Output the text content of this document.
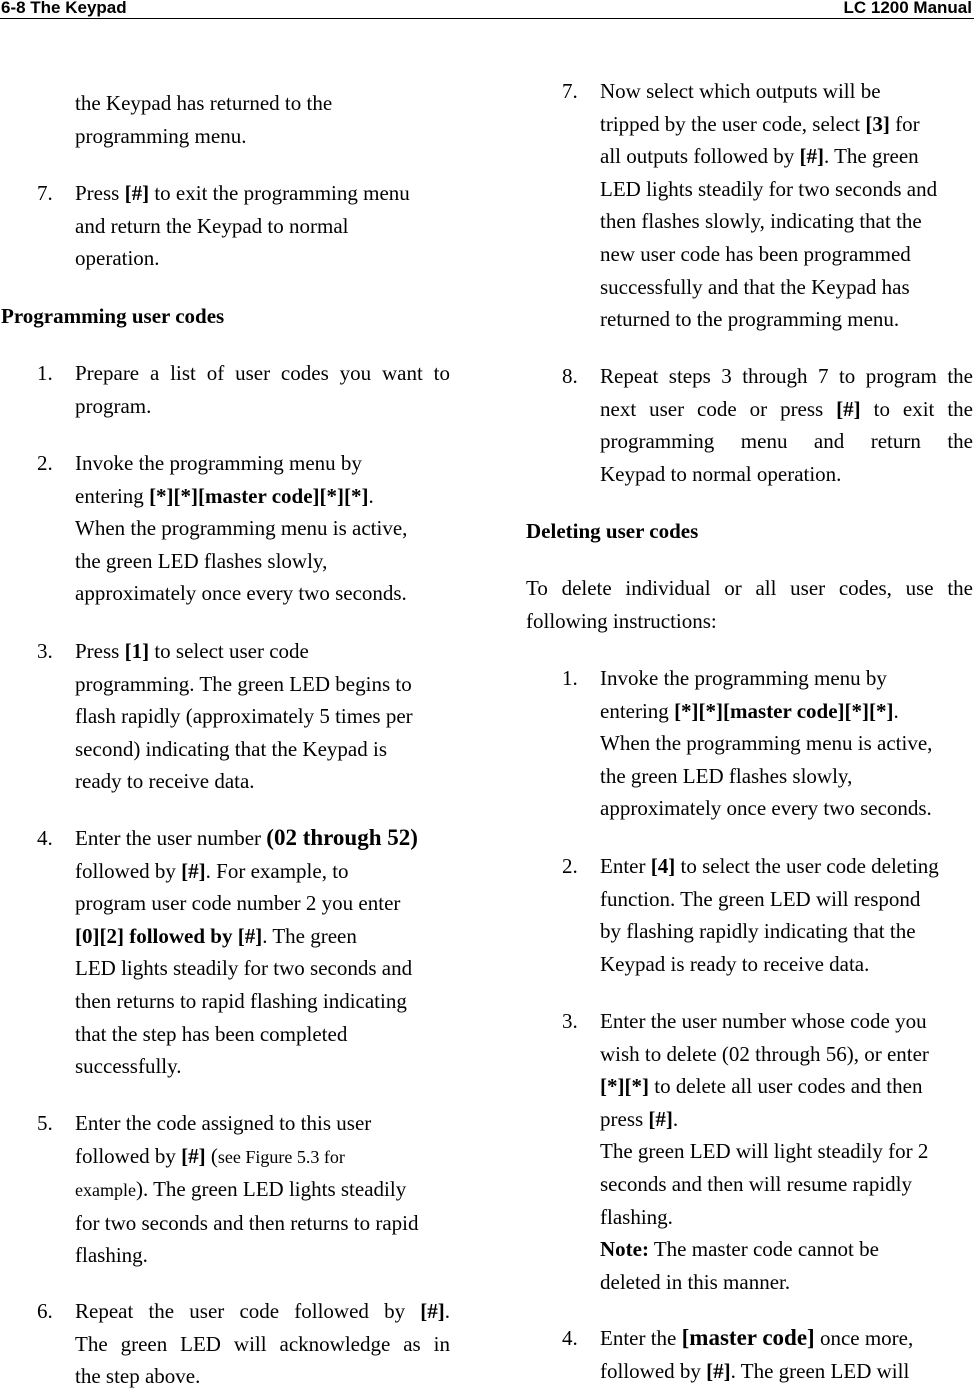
6-8 The Keypad	LC 1200 Manual
the Keypad has returned to the
programming menu.
7. Press [#] to exit the programming menu
and return the Keypad to normal
operation.
Programming user codes
1. Prepare a list of user codes you want to
program.
2. Invoke the programming menu by
entering [*][*][master code][*][*].
When the programming menu is active,
the green LED flashes slowly,
approximately once every two seconds.
3. Press [1] to select user code
programming. The green LED begins to
flash rapidly (approximately 5 times per
second) indicating that the Keypad is
ready to receive data.
4. Enter the user number (02 through 52)
followed by [#]. For example, to
program user code number 2 you enter
[0][2] followed by [#]. The green
LED lights steadily for two seconds and
then returns to rapid flashing indicating
that the step has been completed
successfully.
5. Enter the code assigned to this user
followed by [#] (see Figure 5.3 for
example). The green LED lights steadily
for two seconds and then returns to rapid
flashing.
6. Repeat the user code followed by [#].
The green LED will acknowledge as in
the step above.
7. Now select which outputs will be
tripped by the user code, select [3] for
all outputs followed by [#]. The green
LED lights steadily for two seconds and
then flashes slowly, indicating that the
new user code has been programmed
successfully and that the Keypad has
returned to the programming menu.
8. Repeat steps 3 through 7 to program the
next user code or press [#] to exit the
programming menu and return the
Keypad to normal operation.
Deleting user codes
To delete individual or all user codes, use the
following instructions:
1. Invoke the programming menu by
entering [*][*][master code][*][*].
When the programming menu is active,
the green LED flashes slowly,
approximately once every two seconds.
2. Enter [4] to select the user code deleting
function. The green LED will respond
by flashing rapidly indicating that the
Keypad is ready to receive data.
3. Enter the user number whose code you
wish to delete (02 through 56), or enter
[*][*] to delete all user codes and then
press [#].
The green LED will light steadily for 2
seconds and then will resume rapidly
flashing.
Note: The master code cannot be
deleted in this manner.
4. Enter the [master code] once more,
followed by [#]. The green LED will
